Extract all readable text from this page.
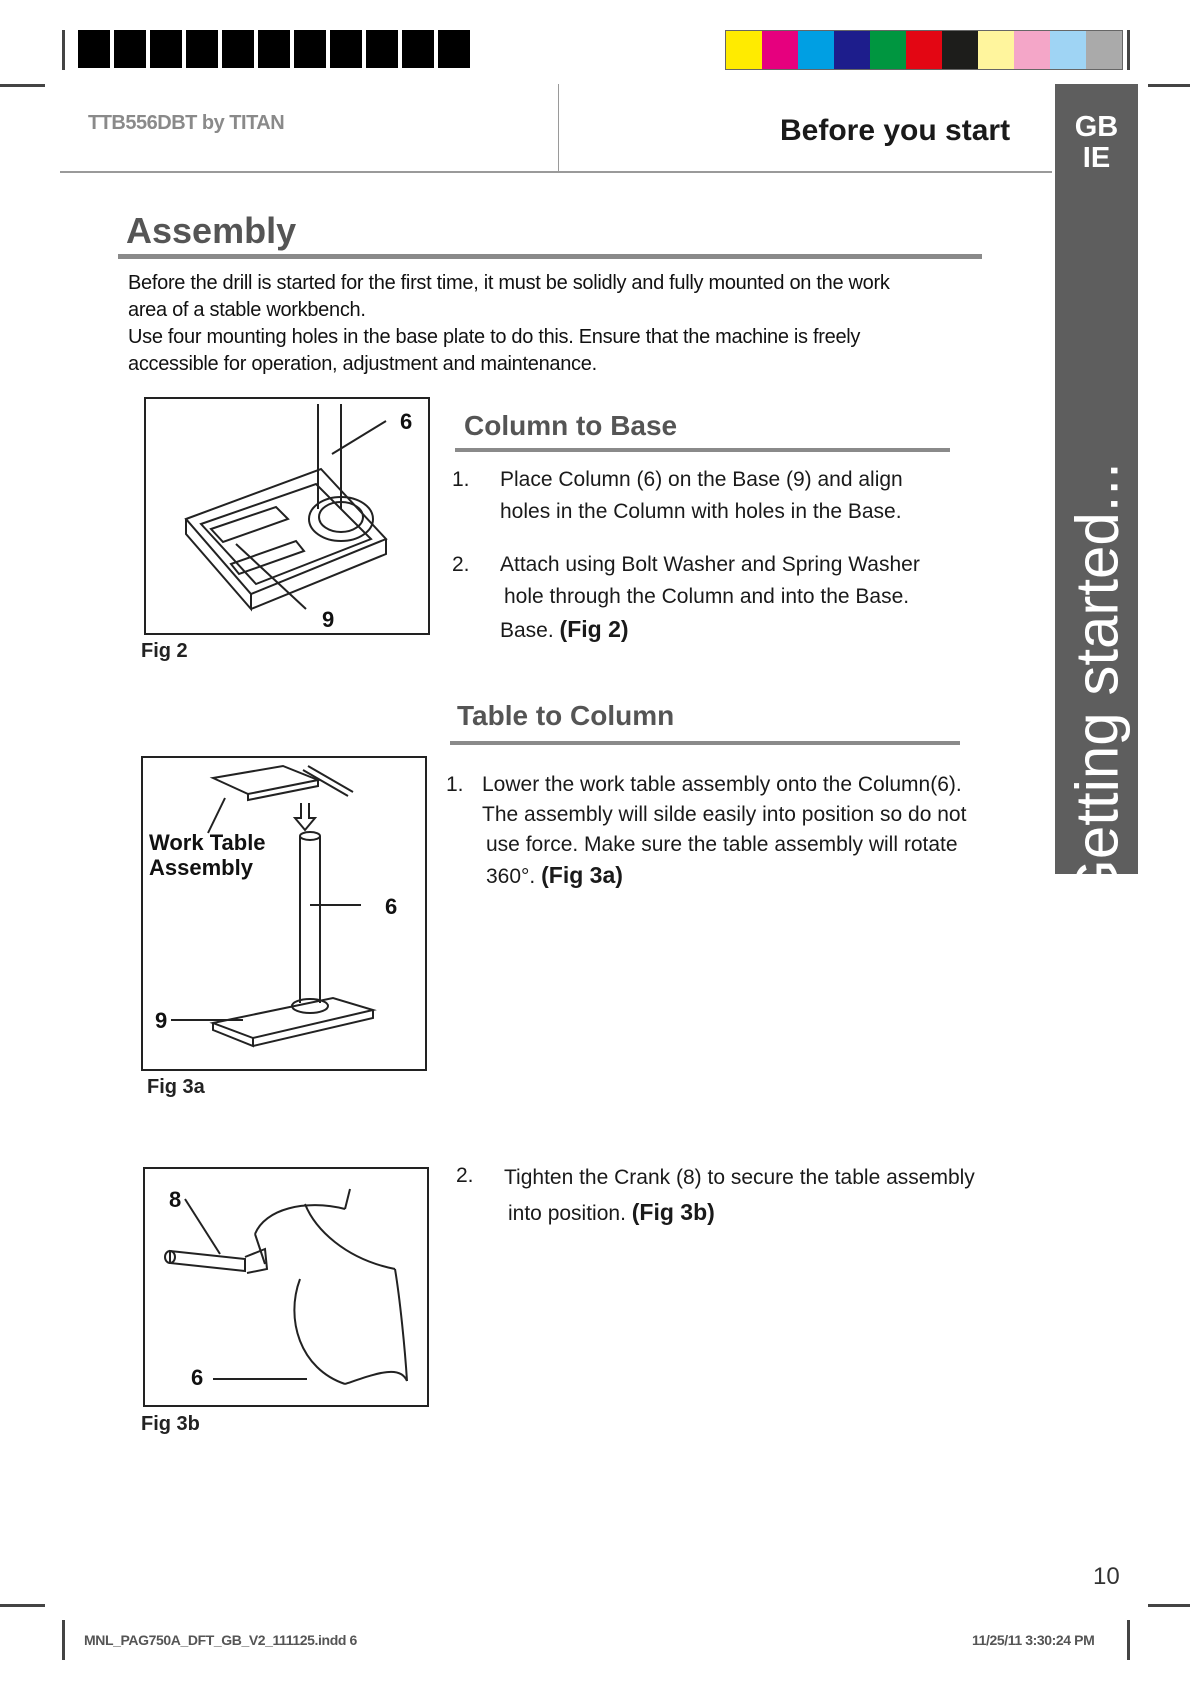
TTB556DBT by TITAN	Before you start	GB
IE
Getting started...
Assembly
Before the drill is started for the first time, it must be solidly and fully mounted on the work
area of a stable workbench.
Use four mounting holes in the base plate to do this. Ensure that the machine is freely
accessible for operation, adjustment and maintenance.
6
9
Fig 2
Column to Base
1. Place Column (6) on the Base (9) and align
holes in the Column with holes in the Base.
2. Attach using Bolt Washer and Spring Washer
hole through the Column and into the Base.
Base. (Fig 2)
Table to Column
Work Table
Assembly
6
9
Fig 3a
1. Lower the work table assembly onto the Column(6).
The assembly will silde easily into position so do not
use force. Make sure the table assembly will rotate
360°. (Fig 3a)
8
6
Fig 3b
2. Tighten the Crank (8) to secure the table assembly
into position. (Fig 3b)
10
MNL_PAG750A_DFT_GB_V2_111125.indd 6	11/25/11 3:30:24 PM
